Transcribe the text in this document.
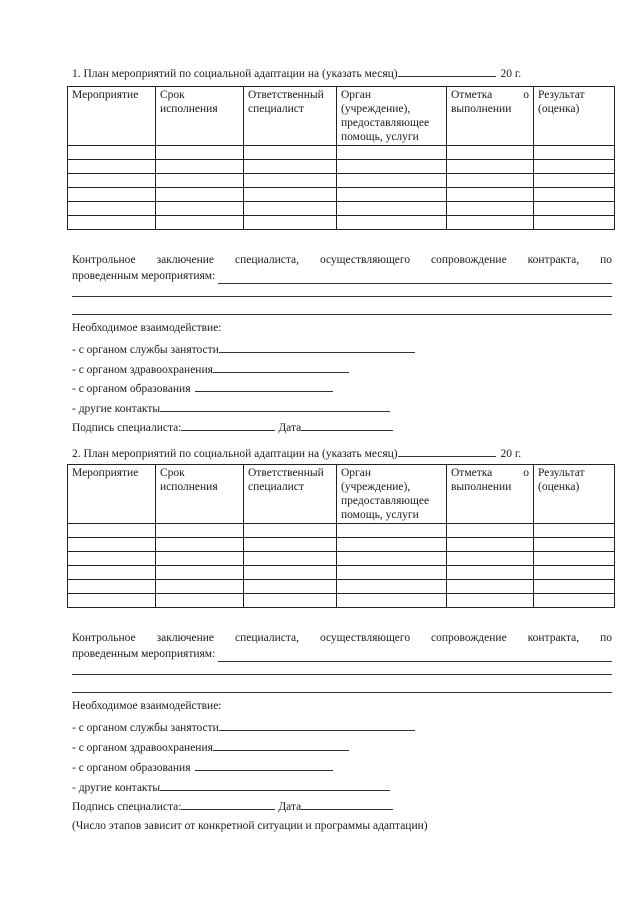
1. План мероприятий по социальной адаптации на (указать месяц)	20 г.
Мероприятие	Срок исполнения	Ответственный специалист	Орган (учреждение), предоставляющее помощь, услуги	Отметка о выполнении	Результат (оценка)

Контрольное заключение специалиста, осуществляющего сопровождение контракта, по
проведенным мероприятиям:
Необходимое взаимодействие:
- с органом службы занятости
- с органом здравоохранения
- с органом образования
- другие контакты
Подпись специалиста:	Дата
2. План мероприятий по социальной адаптации на (указать месяц)	20 г.
Мероприятие	Срок исполнения	Ответственный специалист	Орган (учреждение), предоставляющее помощь, услуги	Отметка о выполнении	Результат (оценка)

Контрольное заключение специалиста, осуществляющего сопровождение контракта, по
проведенным мероприятиям:
Необходимое взаимодействие:
- с органом службы занятости
- с органом здравоохранения
- с органом образования
- другие контакты
Подпись специалиста:	Дата
(Число этапов зависит от конкретной ситуации и программы адаптации)
